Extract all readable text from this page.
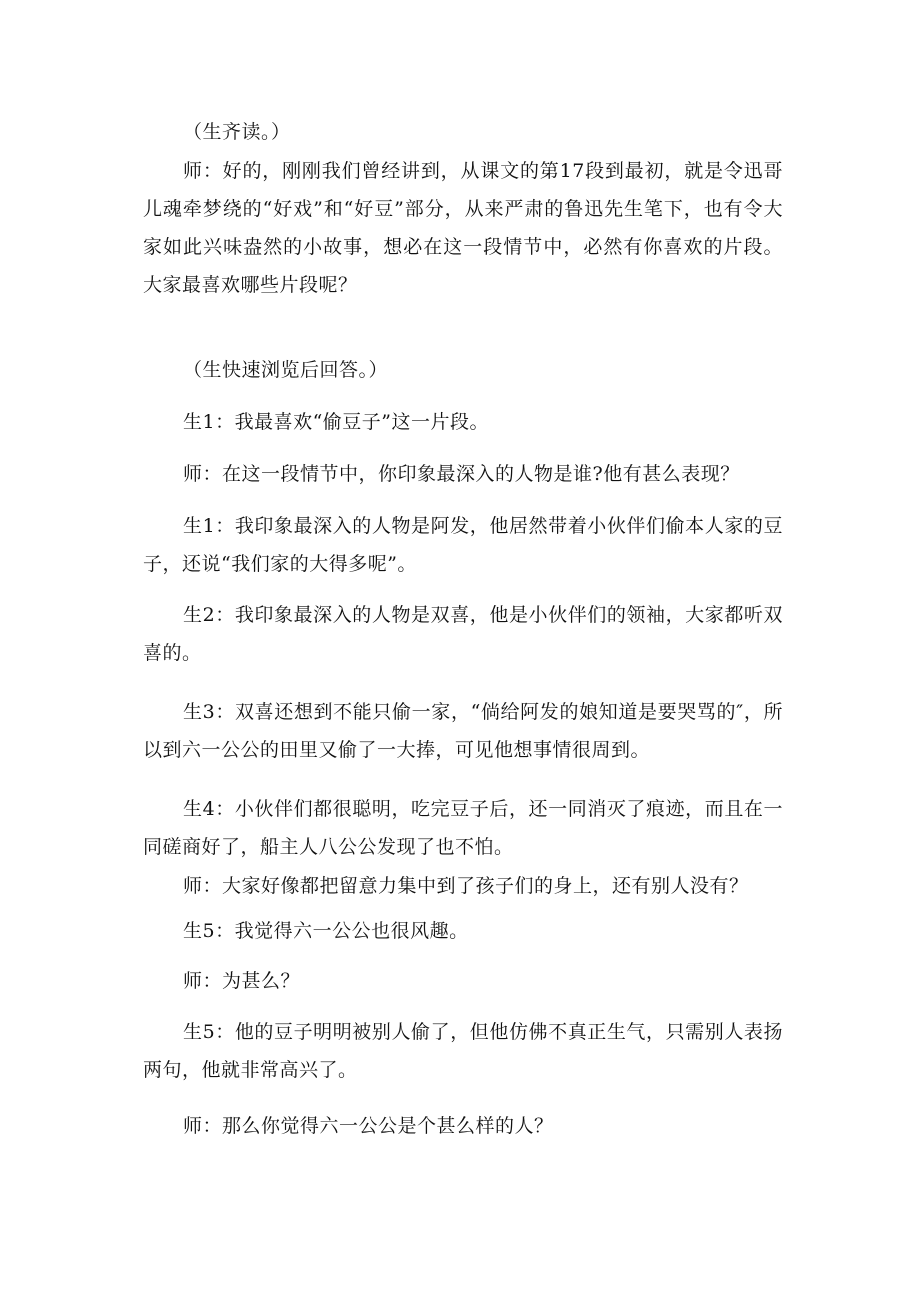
（生齐读。）

师：好的，刚刚我们曾经讲到，从课文的第17段到最初，就是令迅哥儿魂牵梦绕的“好戏”和“好豆”部分，从来严肃的鲁迅先生笔下，也有令大家如此兴味盎然的小故事，想必在这一段情节中，必然有你喜欢的片段。大家最喜欢哪些片段呢？

（生快速浏览后回答。）

生1：我最喜欢“偷豆子”这一片段。

师：在这一段情节中，你印象最深入的人物是谁?他有甚么表现？

生1：我印象最深入的人物是阿发，他居然带着小伙伴们偷本人家的豆子，还说“我们家的大得多呢”。

生2：我印象最深入的人物是双喜，他是小伙伴们的领袖，大家都听双喜的。

生3：双喜还想到不能只偷一家，“倘给阿发的娘知道是要哭骂的″，所以到六一公公的田里又偷了一大捧，可见他想事情很周到。

生4：小伙伴们都很聪明，吃完豆子后，还一同消灭了痕迹，而且在一同磋商好了，船主人八公公发现了也不怕。

师：大家好像都把留意力集中到了孩子们的身上，还有别人没有？

生5：我觉得六一公公也很风趣。

师：为甚么？

生5：他的豆子明明被别人偷了，但他仿佛不真正生气，只需别人表扬两句，他就非常高兴了。

师：那么你觉得六一公公是个甚么样的人？
